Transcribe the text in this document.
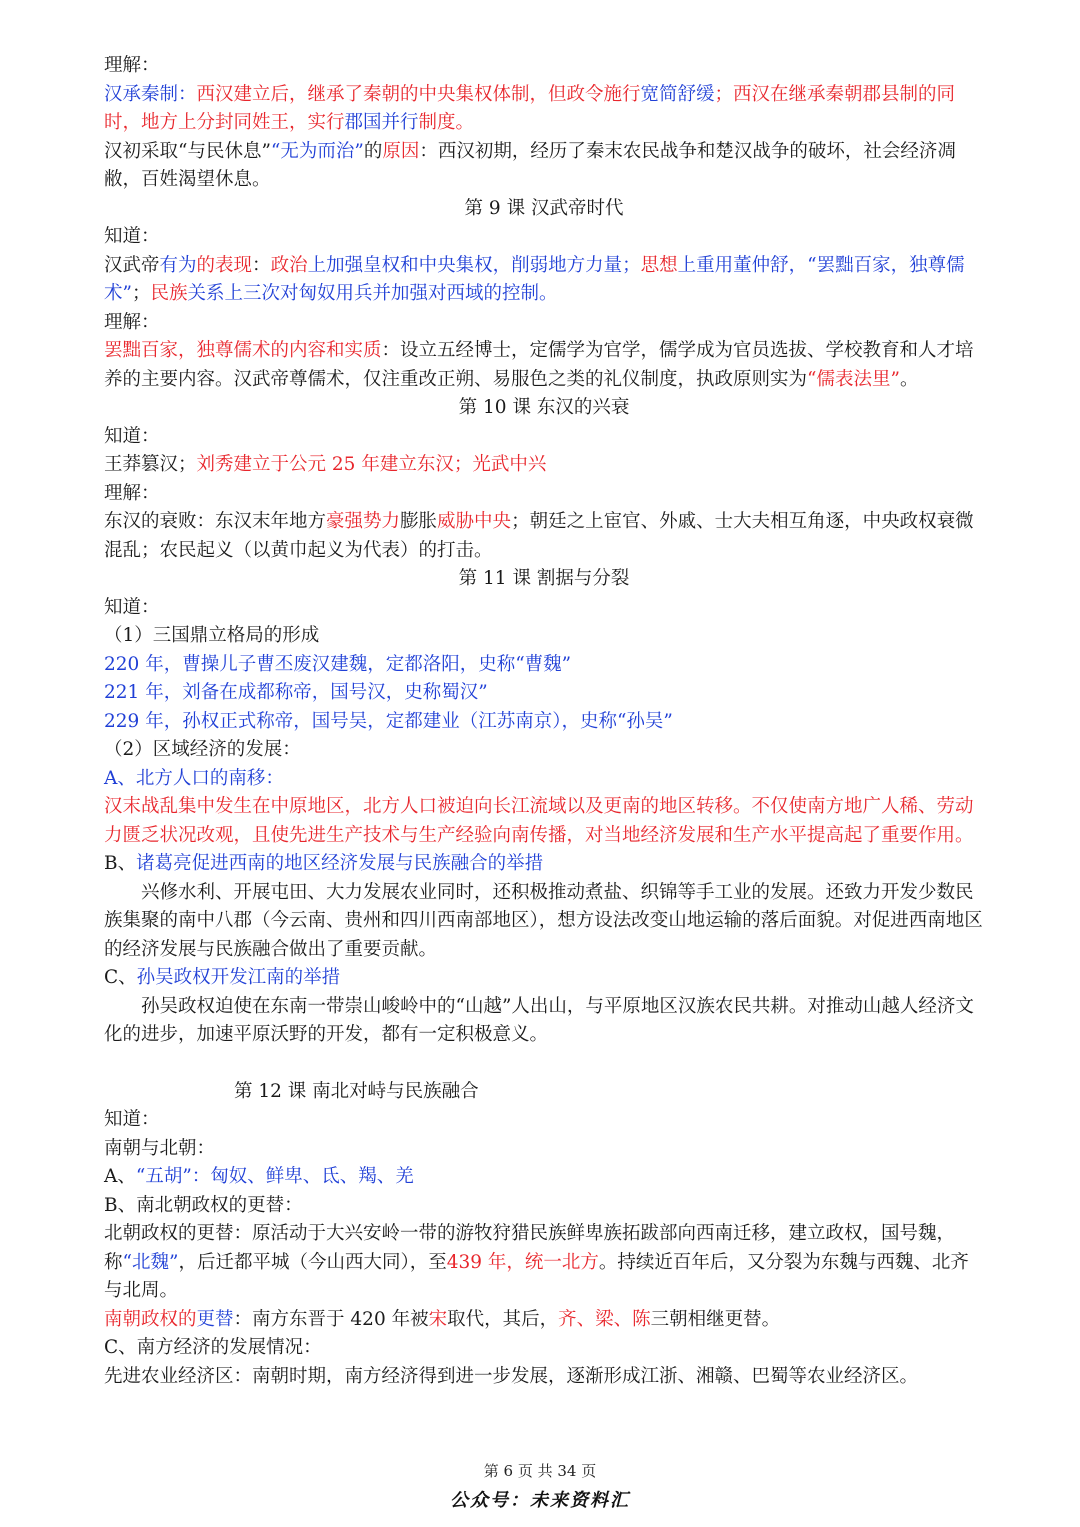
理解：

汉承秦制：西汉建立后，继承了秦朝的中央集权体制，但政令施行宽简舒缓；西汉在继承秦朝郡县制的同时，地方上分封同姓王，实行郡国并行制度。

汉初采取“与民休息”“无为而治”的原因：西汉初期，经历了秦末农民战争和楚汉战争的破坏，社会经济凋敝，百姓渴望休息。

第 9 课 汉武帝时代

知道：

汉武帝有为的表现：政治上加强皇权和中央集权，削弱地方力量；思想上重用董仲舒，“罢黜百家，独尊儒术”；民族关系上三次对匈奴用兵并加强对西域的控制。

理解：

罢黜百家，独尊儒术的内容和实质：设立五经博士，定儒学为官学，儒学成为官员选拔、学校教育和人才培养的主要内容。汉武帝尊儒术，仅注重改正朔、易服色之类的礼仪制度，执政原则实为“儒表法里”。

第 10 课 东汉的兴衰

知道：

王莽篡汉；刘秀建立于公元 25 年建立东汉；光武中兴

理解：

东汉的衰败：东汉末年地方豪强势力膨胀威胁中央；朝廷之上宦官、外戚、士大夫相互角逐，中央政权衰微混乱；农民起义（以黄巾起义为代表）的打击。

第 11 课 割据与分裂

知道：

（1）三国鼎立格局的形成

220 年，曹操儿子曹丕废汉建魏，定都洛阳，史称“曹魏”

221 年，刘备在成都称帝，国号汉，史称蜀汉”

229 年，孙权正式称帝，国号吴，定都建业（江苏南京），史称“孙吴”

（2）区域经济的发展：

A、北方人口的南移：

汉末战乱集中发生在中原地区，北方人口被迫向长江流域以及更南的地区转移。不仅使南方地广人稀、劳动力匮乏状况改观，且使先进生产技术与生产经验向南传播，对当地经济发展和生产水平提高起了重要作用。

B、诸葛亮促进西南的地区经济发展与民族融合的举措

兴修水利、开展屯田、大力发展农业同时，还积极推动煮盐、织锦等手工业的发展。还致力开发少数民族集聚的南中八郡（今云南、贵州和四川西南部地区），想方设法改变山地运输的落后面貌。对促进西南地区的经济发展与民族融合做出了重要贡献。

C、孙吴政权开发江南的举措

孙吴政权迫使在东南一带崇山峻岭中的“山越”人出山，与平原地区汉族农民共耕。对推动山越人经济文化的进步，加速平原沃野的开发，都有一定积极意义。

第 12 课 南北对峙与民族融合

知道：

南朝与北朝：

A、“五胡”：匈奴、鲜卑、氐、羯、羌

B、南北朝政权的更替：

北朝政权的更替：原活动于大兴安岭一带的游牧狩猎民族鲜卑族拓跋部向西南迁移，建立政权，国号魏，称“北魏”，后迁都平城（今山西大同），至439 年，统一北方。持续近百年后，又分裂为东魏与西魏、北齐与北周。

南朝政权的更替：南方东晋于 420 年被宋取代，其后，齐、梁、陈三朝相继更替。

C、南方经济的发展情况：

先进农业经济区：南朝时期，南方经济得到进一步发展，逐渐形成江浙、湘赣、巴蜀等农业经济区。

第 6 页 共 34 页
公众号：未来资料汇
